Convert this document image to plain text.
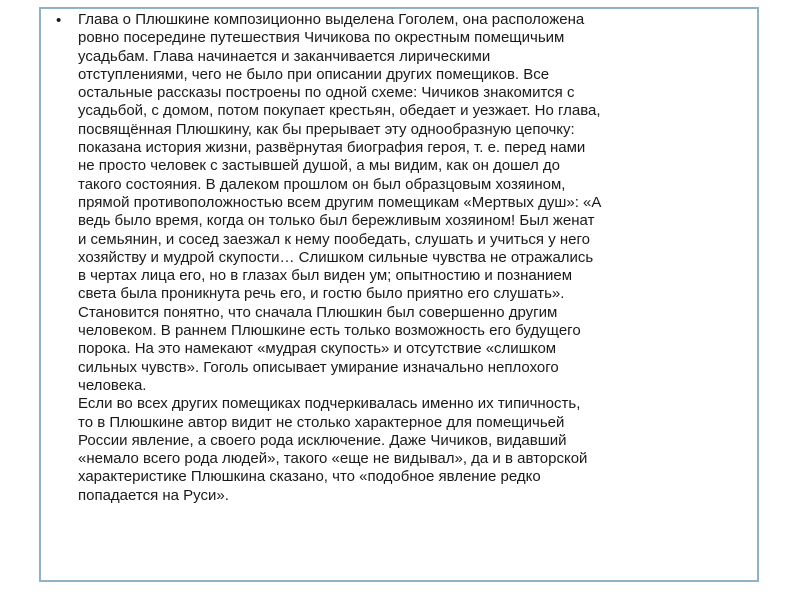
• Глава о Плюшкине композиционно выделена Гоголем, она расположена
ровно посередине путешествия Чичикова по окрестным помещичьим
усадьбам. Глава начинается и заканчивается лирическими
отступлениями, чего не было при описании других помещиков. Все
остальные рассказы построены по одной схеме: Чичиков знакомится с
усадьбой, с домом, потом покупает крестьян, обедает и уезжает. Но глава,
посвящённая Плюшкину, как бы прерывает эту однообразную цепочку:
показана история жизни, развёрнутая биография героя, т. е. перед нами
не просто человек с застывшей душой, а мы видим, как он дошел до
такого состояния. В далеком прошлом он был образцовым хозяином,
прямой противоположностью всем другим помещикам «Мертвых душ»: «А
ведь было время, когда он только был бережливым хозяином! Был женат
и семьянин, и сосед заезжал к нему пообедать, слушать и учиться у него
хозяйству и мудрой скупости… Слишком сильные чувства не отражались
в чертах лица его, но в глазах был виден ум; опытностию и познанием
света была проникнута речь его, и гостю было приятно его слушать».
Становится понятно, что сначала Плюшкин был совершенно другим
человеком. В раннем Плюшкине есть только возможность его будущего
порока. На это намекают «мудрая скупость» и отсутствие «слишком
сильных чувств». Гоголь описывает умирание изначально неплохого
человека.
Если во всех других помещиках подчеркивалась именно их типичность,
то в Плюшкине автор видит не столько характерное для помещичьей
России явление, а своего рода исключение. Даже Чичиков, видавший
«немало всего рода людей», такого «еще не видывал», да и в авторской
характеристике Плюшкина сказано, что «подобное явление редко
попадается на Руси».
